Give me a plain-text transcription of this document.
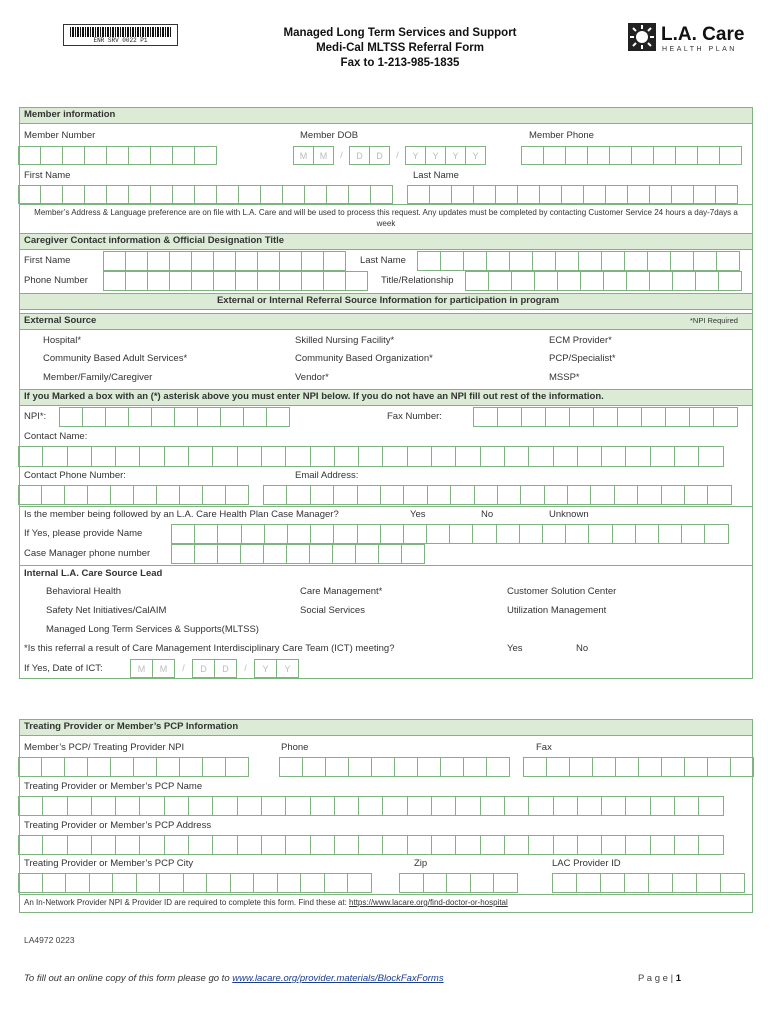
ENR SRV 0022 P1
Managed Long Term Services and Support
Medi-Cal MLTSS Referral Form
Fax to 1-213-985-1835
L.A. Care
HEALTH PLAN
Member information
Member Number	Member DOB	Member Phone
M	M	/	D	D	/	Y	Y	Y	Y
First Name	Last Name
Member’s Address & Language preference are on file with L.A. Care and will be used to process this request. Any updates must be completed by contacting Customer Service 24 hours a day-7days a week
Caregiver Contact information & Official Designation Title
First Name	Last Name
Phone Number	Title/Relationship
External or Internal Referral Source Information for participation in program
External Source	*NPI Required
Hospital*	Skilled Nursing Facility*	ECM Provider*
Community Based Adult Services*	Community Based Organization*	PCP/Specialist*
Member/Family/Caregiver	Vendor*	MSSP*
If you Marked a box with an (*) asterisk above you must enter NPI below. If you do not have an NPI fill out rest of the information.
NPI*:	Fax Number:
Contact Name:
Contact Phone Number:	Email Address:
Is the member being followed by an L.A. Care Health Plan Case Manager?	Yes	No	Unknown
If Yes, please provide Name
Case Manager phone number
Internal L.A. Care Source Lead
Behavioral Health	Care Management*	Customer Solution Center
Safety Net Initiatives/CalAIM	Social Services	Utilization Management
Managed Long Term Services & Supports(MLTSS)
*Is this referral a result of Care Management Interdisciplinary Care Team (ICT) meeting?	Yes	No
If Yes, Date of ICT:	M	M	/	D	D	/	Y	Y
Treating Provider or Member’s PCP Information
Member’s PCP/ Treating Provider NPI	Phone	Fax
Treating Provider or Member’s PCP Name
Treating Provider or Member’s PCP Address
Treating Provider or Member’s PCP City	Zip	LAC Provider ID
An In-Network Provider NPI & Provider ID are required to complete this form. Find these at: https://www.lacare.org/find-doctor-or-hospital
LA4972 0223
To fill out an online copy of this form please go to www.lacare.org/provider.materials/BlockFaxForms	P a g e | 1
